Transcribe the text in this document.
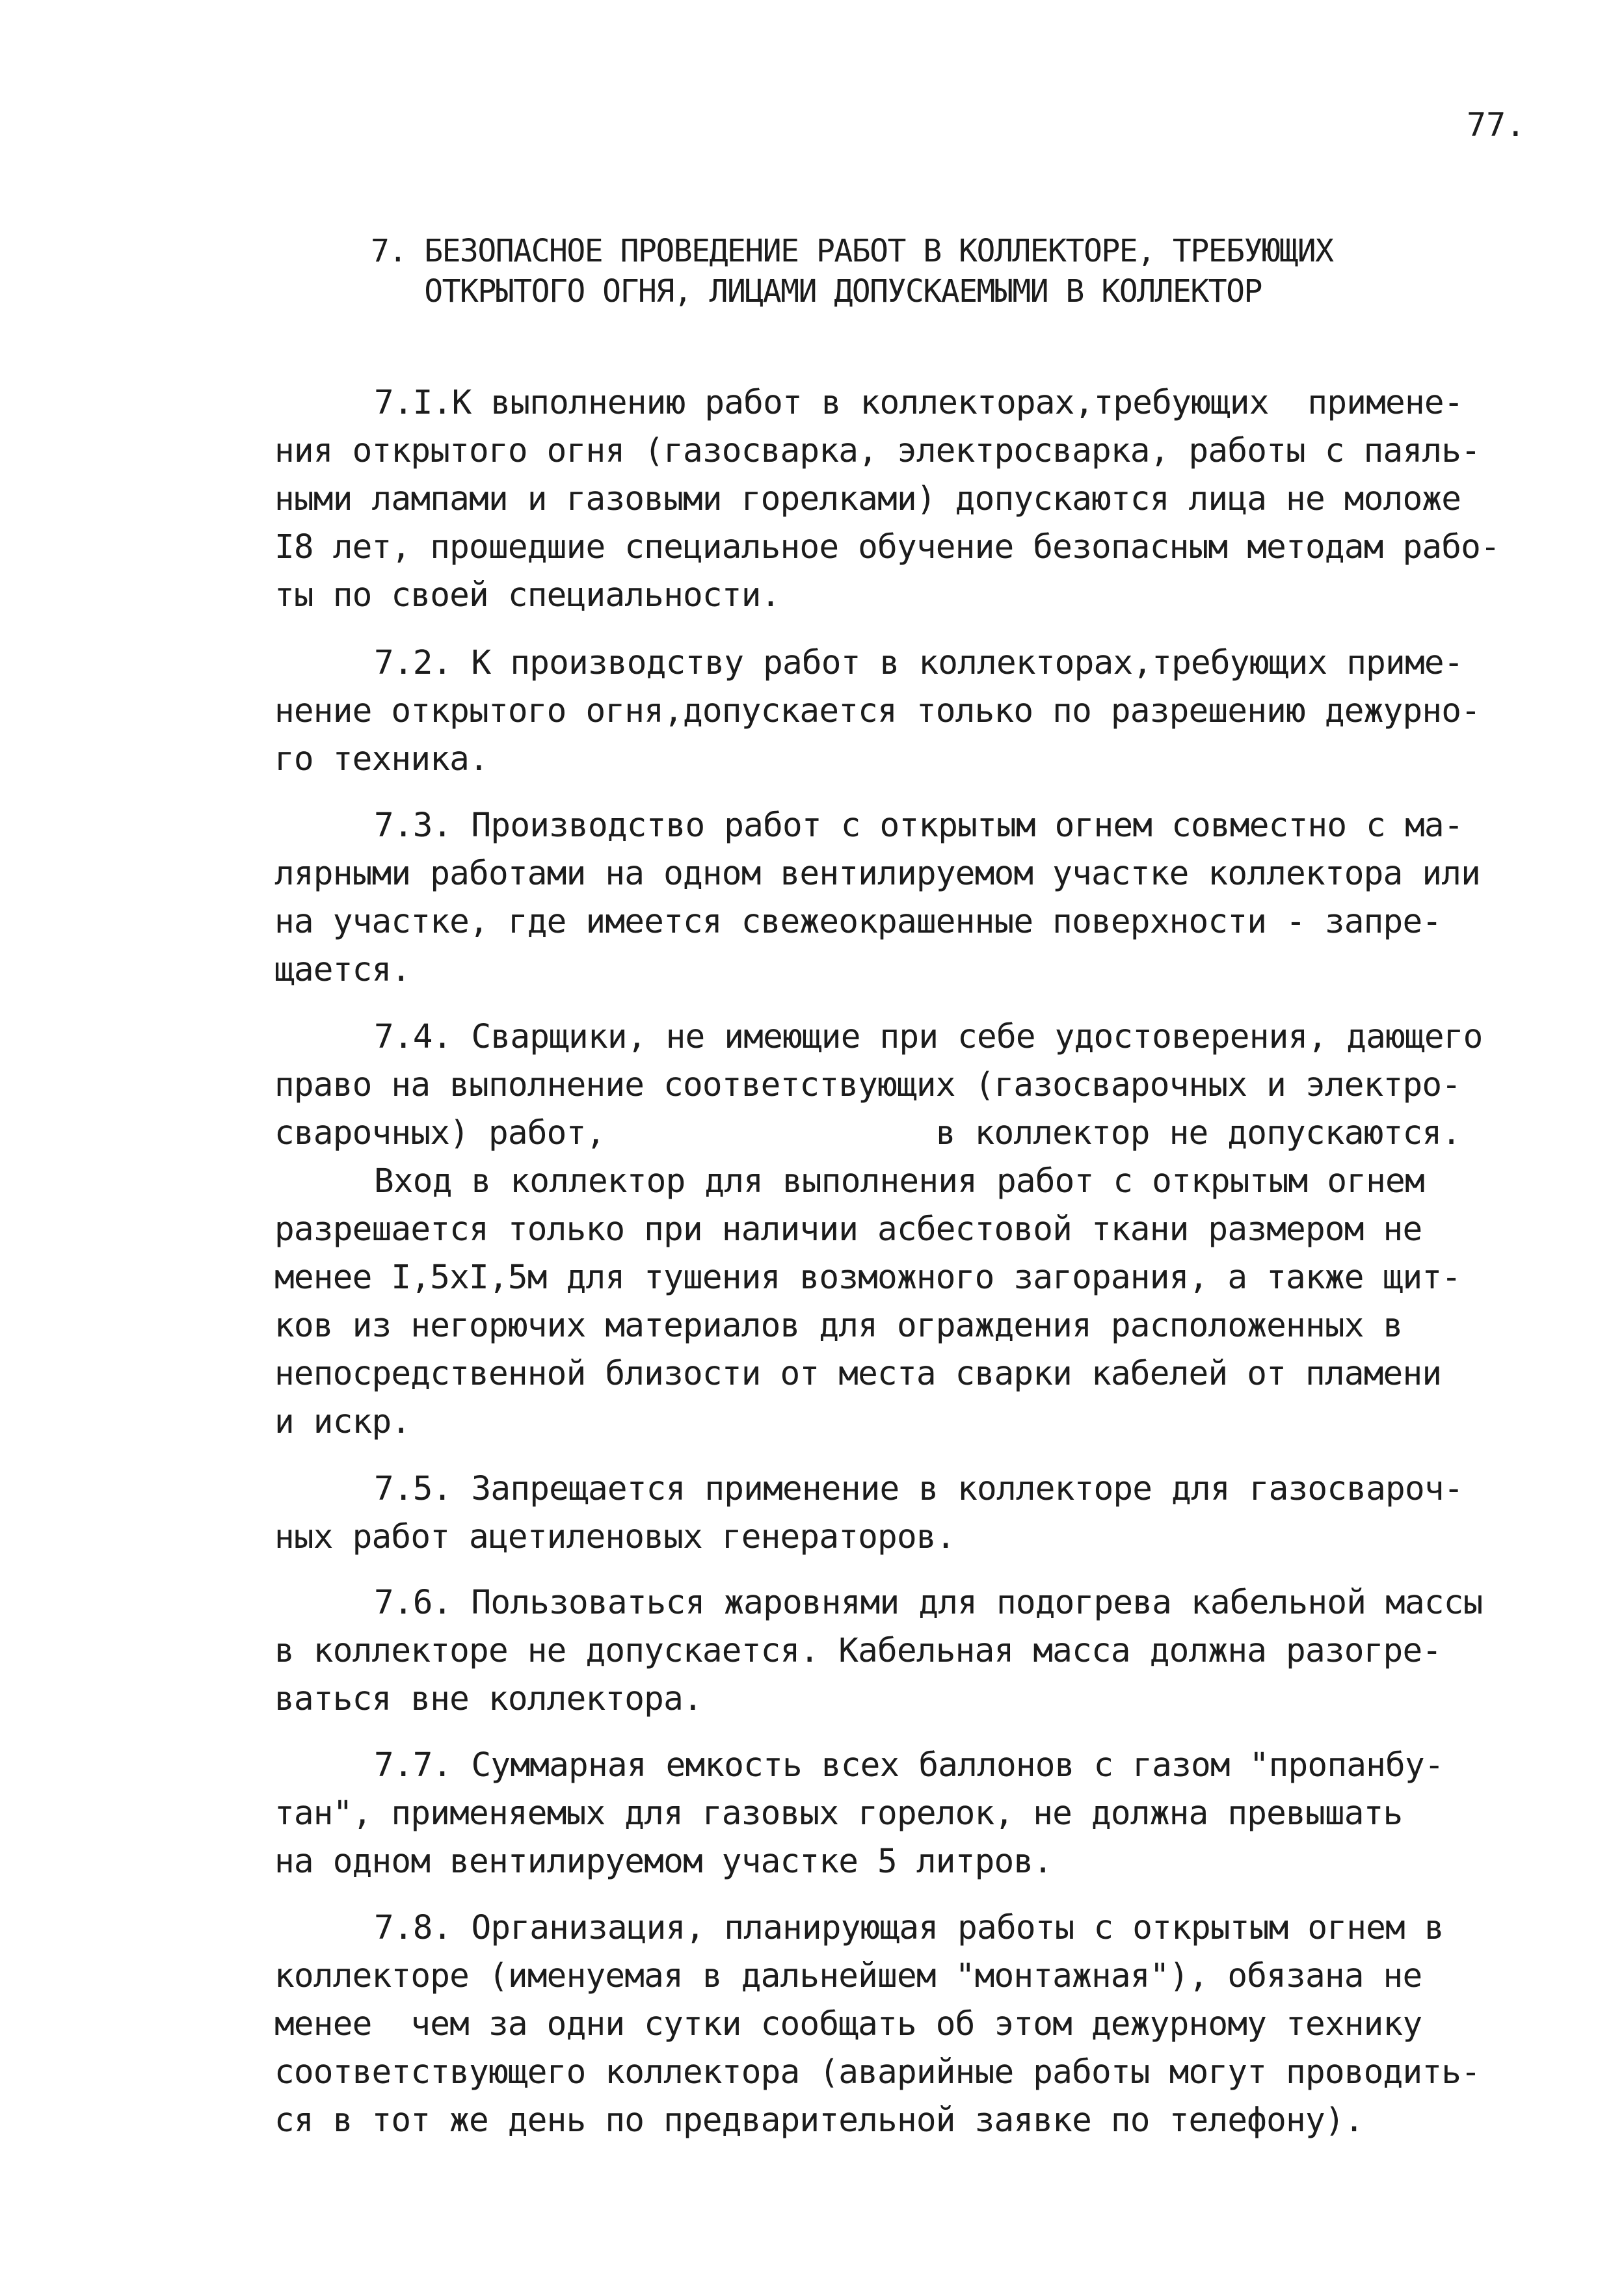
77.
7. БЕЗОПАСНОЕ ПРОВЕДЕНИЕ РАБОТ В КОЛЛЕКТОРЕ, ТРЕБУЮЩИХ
ОТКРЫТОГО ОГНЯ, ЛИЦАМИ ДОПУСКАЕМЫМИ В КОЛЛЕКТОР
7.I.К выполнению работ в коллекторах,требующих  примене-
ния открытого огня (газосварка, электросварка, работы с паяль-
ными лампами и газовыми горелками) допускаются лица не моложе
I8 лет, прошедшие специальное обучение безопасным методам рабо-
ты по своей специальности.
7.2. К производству работ в коллекторах,требующих приме-
нение открытого огня,допускается только по разрешению дежурно-
го техника.
7.3. Производство работ с открытым огнем совместно с ма-
лярными работами на одном вентилируемом участке коллектора или
на участке, где имеется свежеокрашенные поверхности - запре-
щается.
7.4. Сварщики, не имеющие при себе удостоверения, дающего
право на выполнение соответствующих (газосварочных и электро-
сварочных) работ,                 в коллектор не допускаются.
Вход в коллектор для выполнения работ с открытым огнем
разрешается только при наличии асбестовой ткани размером не
менее I,5хI,5м для тушения возможного загорания, а также щит-
ков из негорючих материалов для ограждения расположенных в
непосредственной близости от места сварки кабелей от пламени
и искр.
7.5. Запрещается применение в коллекторе для газосвароч-
ных работ ацетиленовых генераторов.
7.6. Пользоваться жаровнями для подогрева кабельной массы
в коллекторе не допускается. Кабельная масса должна разогре-
ваться вне коллектора.
7.7. Суммарная емкость всех баллонов с газом "пропанбу-
тан", применяемых для газовых горелок, не должна превышать
на одном вентилируемом участке 5 литров.
7.8. Организация, планирующая работы с открытым огнем в
коллекторе (именуемая в дальнейшем "монтажная"), обязана не
менее  чем за одни сутки сообщать об этом дежурному технику
соответствующего коллектора (аварийные работы могут проводить-
ся в тот же день по предварительной заявке по телефону).
